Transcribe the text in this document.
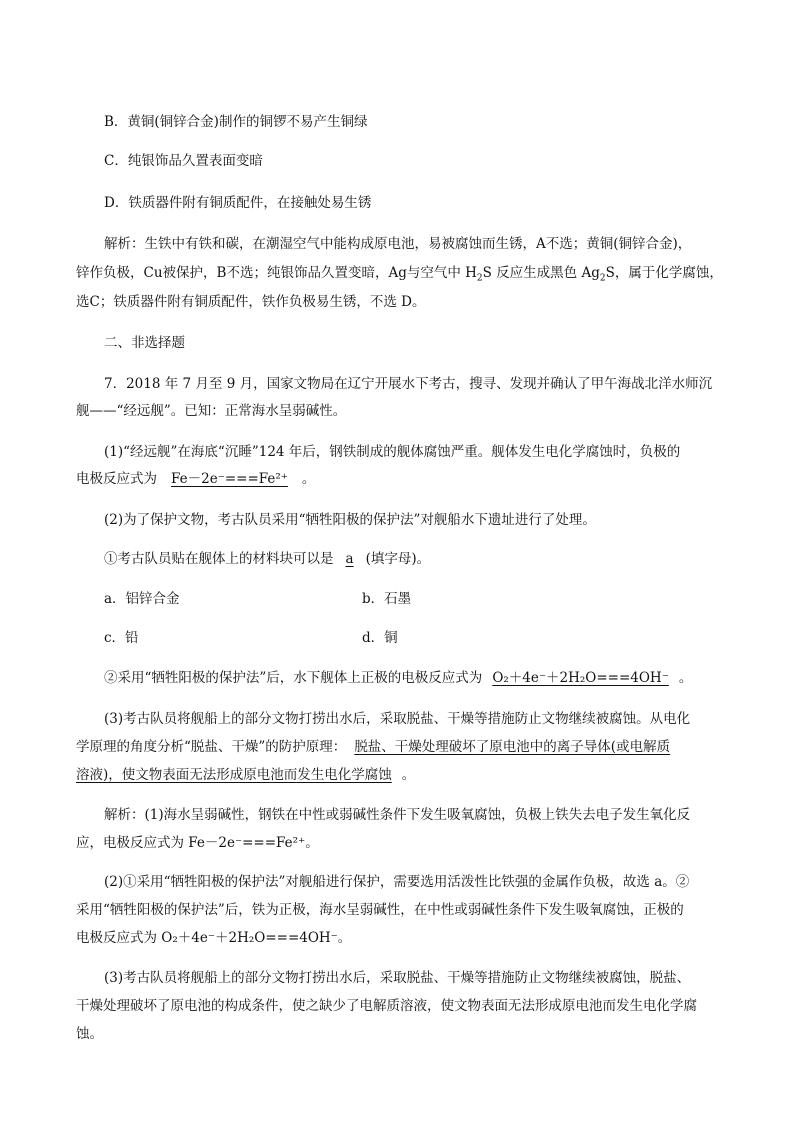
B．黄铜(铜锌合金)制作的铜锣不易产生铜绿
C．纯银饰品久置表面变暗
D．铁质器件附有铜质配件，在接触处易生锈
解析：生铁中有铁和碳，在潮湿空气中能构成原电池，易被腐蚀而生锈，A不选；黄铜(铜锌合金)，
锌作负极，Cu被保护，B不选；纯银饰品久置变暗，Ag与空气中 $H_2S$ 反应生成黑色 $Ag_2S$，属于化学腐蚀，
选C；铁质器件附有铜质配件，铁作负极易生锈，不选 D。
二、非选择题
7．2018 年 7 月至 9 月，国家文物局在辽宁开展水下考古，搜寻、发现并确认了甲午海战北洋水师沉
舰——“经远舰”。已知：正常海水呈弱碱性。
(1)“经远舰”在海底“沉睡”124 年后，钢铁制成的舰体腐蚀严重。舰体发生电化学腐蚀时，负极的
电极反应式为 Fe－2e⁻===Fe²⁺ 。
(2)为了保护文物，考古队员采用“牺牲阳极的保护法”对舰船水下遗址进行了处理。
①考古队员贴在舰体上的材料块可以是 a (填字母)。
a．铝锌合金	b．石墨
c．铅	d．铜
②采用“牺牲阳极的保护法”后，水下舰体上正极的电极反应式为 O₂＋4e⁻＋2H₂O===4OH⁻ 。
(3)考古队员将舰船上的部分文物打捞出水后，采取脱盐、干燥等措施防止文物继续被腐蚀。从电化
学原理的角度分析“脱盐、干燥”的防护原理： 脱盐、干燥处理破坏了原电池中的离子导体(或电解质
溶液)，使文物表面无法形成原电池而发生电化学腐蚀 。
解析：(1)海水呈弱碱性，钢铁在中性或弱碱性条件下发生吸氧腐蚀，负极上铁失去电子发生氧化反
应，电极反应式为 Fe－2e⁻===Fe²⁺。
(2)①采用“牺牲阳极的保护法”对舰船进行保护，需要选用活泼性比铁强的金属作负极，故选 a。②
采用“牺牲阳极的保护法”后，铁为正极，海水呈弱碱性，在中性或弱碱性条件下发生吸氧腐蚀，正极的
电极反应式为 O₂＋4e⁻＋2H₂O===4OH⁻。
(3)考古队员将舰船上的部分文物打捞出水后，采取脱盐、干燥等措施防止文物继续被腐蚀，脱盐、
干燥处理破坏了原电池的构成条件，使之缺少了电解质溶液，使文物表面无法形成原电池而发生电化学腐
蚀。
